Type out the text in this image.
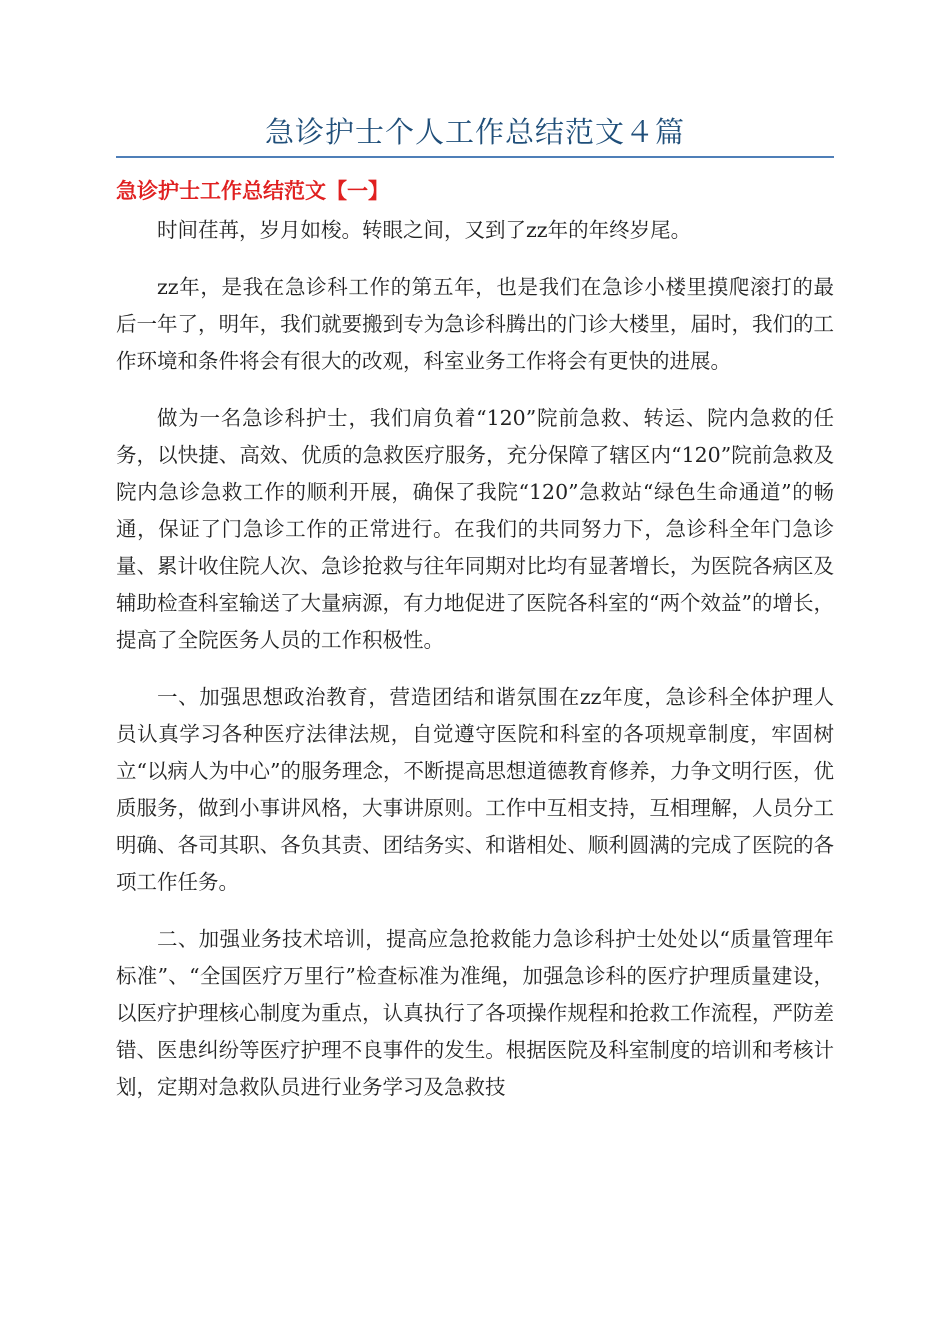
急诊护士个人工作总结范文４篇
急诊护士工作总结范文【一】

时间荏苒，岁月如梭。转眼之间，又到了zz年的年终岁尾。

zz年，是我在急诊科工作的第五年，也是我们在急诊小楼里摸爬滚打的最后一年了，明年，我们就要搬到专为急诊科腾出的门诊大楼里，届时，我们的工作环境和条件将会有很大的改观，科室业务工作将会有更快的进展。

做为一名急诊科护士，我们肩负着“120”院前急救、转运、院内急救的任务，以快捷、高效、优质的急救医疗服务，充分保障了辖区内“120”院前急救及院内急诊急救工作的顺利开展，确保了我院“120”急救站“绿色生命通道”的畅通，保证了门急诊工作的正常进行。在我们的共同努力下，急诊科全年门急诊量、累计收住院人次、急诊抢救与往年同期对比均有显著增长，为医院各病区及辅助检查科室输送了大量病源，有力地促进了医院各科室的“两个效益”的增长，提高了全院医务人员的工作积极性。

一、加强思想政治教育，营造团结和谐氛围在zz年度，急诊科全体护理人员认真学习各种医疗法律法规，自觉遵守医院和科室的各项规章制度，牢固树立“以病人为中心”的服务理念，不断提高思想道德教育修养，力争文明行医，优质服务，做到小事讲风格，大事讲原则。工作中互相支持，互相理解，人员分工明确、各司其职、各负其责、团结务实、和谐相处、顺利圆满的完成了医院的各项工作任务。

二、加强业务技术培训，提高应急抢救能力急诊科护士处处以“质量管理年标准”、“全国医疗万里行”检查标准为准绳，加强急诊科的医疗护理质量建设，以医疗护理核心制度为重点，认真执行了各项操作规程和抢救工作流程，严防差错、医患纠纷等医疗护理不良事件的发生。根据医院及科室制度的培训和考核计划，定期对急救队员进行业务学习及急救技
